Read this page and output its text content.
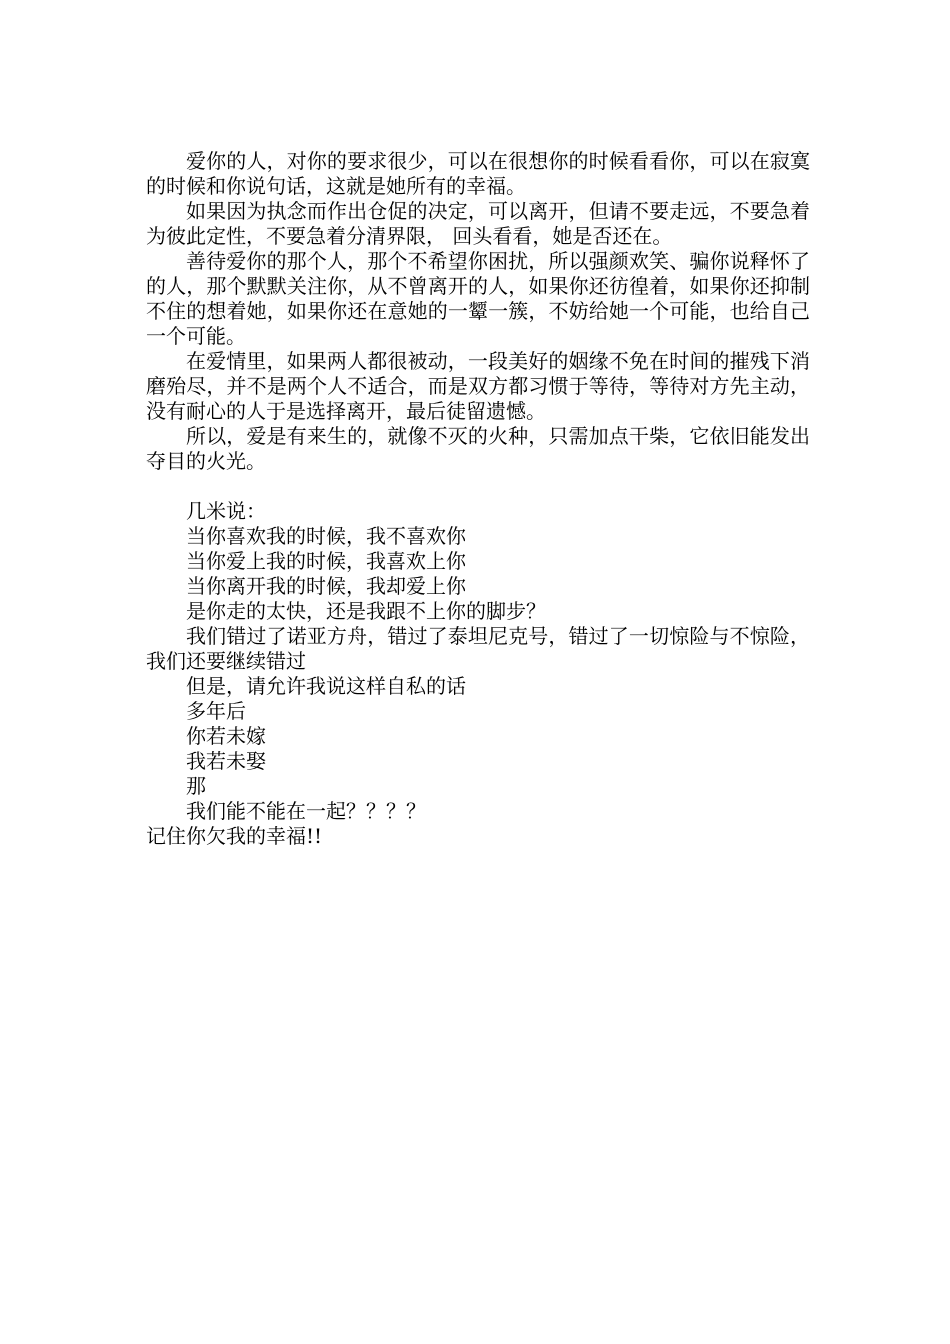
爱你的人，对你的要求很少，可以在很想你的时候看看你，可以在寂寞的时候和你说句话，这就是她所有的幸福。

如果因为执念而作出仓促的决定，可以离开，但请不要走远，不要急着为彼此定性，不要急着分清界限， 回头看看，她是否还在。

善待爱你的那个人，那个不希望你困扰，所以强颜欢笑、骗你说释怀了的人，那个默默关注你，从不曾离开的人，如果你还彷徨着，如果你还抑制不住的想着她，如果你还在意她的一颦一簇，不妨给她一个可能，也给自己一个可能。

在爱情里，如果两人都很被动，一段美好的姻缘不免在时间的摧残下消磨殆尽，并不是两个人不适合，而是双方都习惯于等待，等待对方先主动，没有耐心的人于是选择离开，最后徒留遗憾。

所以，爱是有来生的，就像不灭的火种，只需加点干柴，它依旧能发出夺目的火光。

几米说：

当你喜欢我的时候，我不喜欢你

当你爱上我的时候，我喜欢上你

当你离开我的时候，我却爱上你

是你走的太快，还是我跟不上你的脚步？

我们错过了诺亚方舟，错过了泰坦尼克号，错过了一切惊险与不惊险，我们还要继续错过

但是，请允许我说这样自私的话

多年后

你若未嫁

我若未娶

那

我们能不能在一起？？？？

记住你欠我的幸福!!
